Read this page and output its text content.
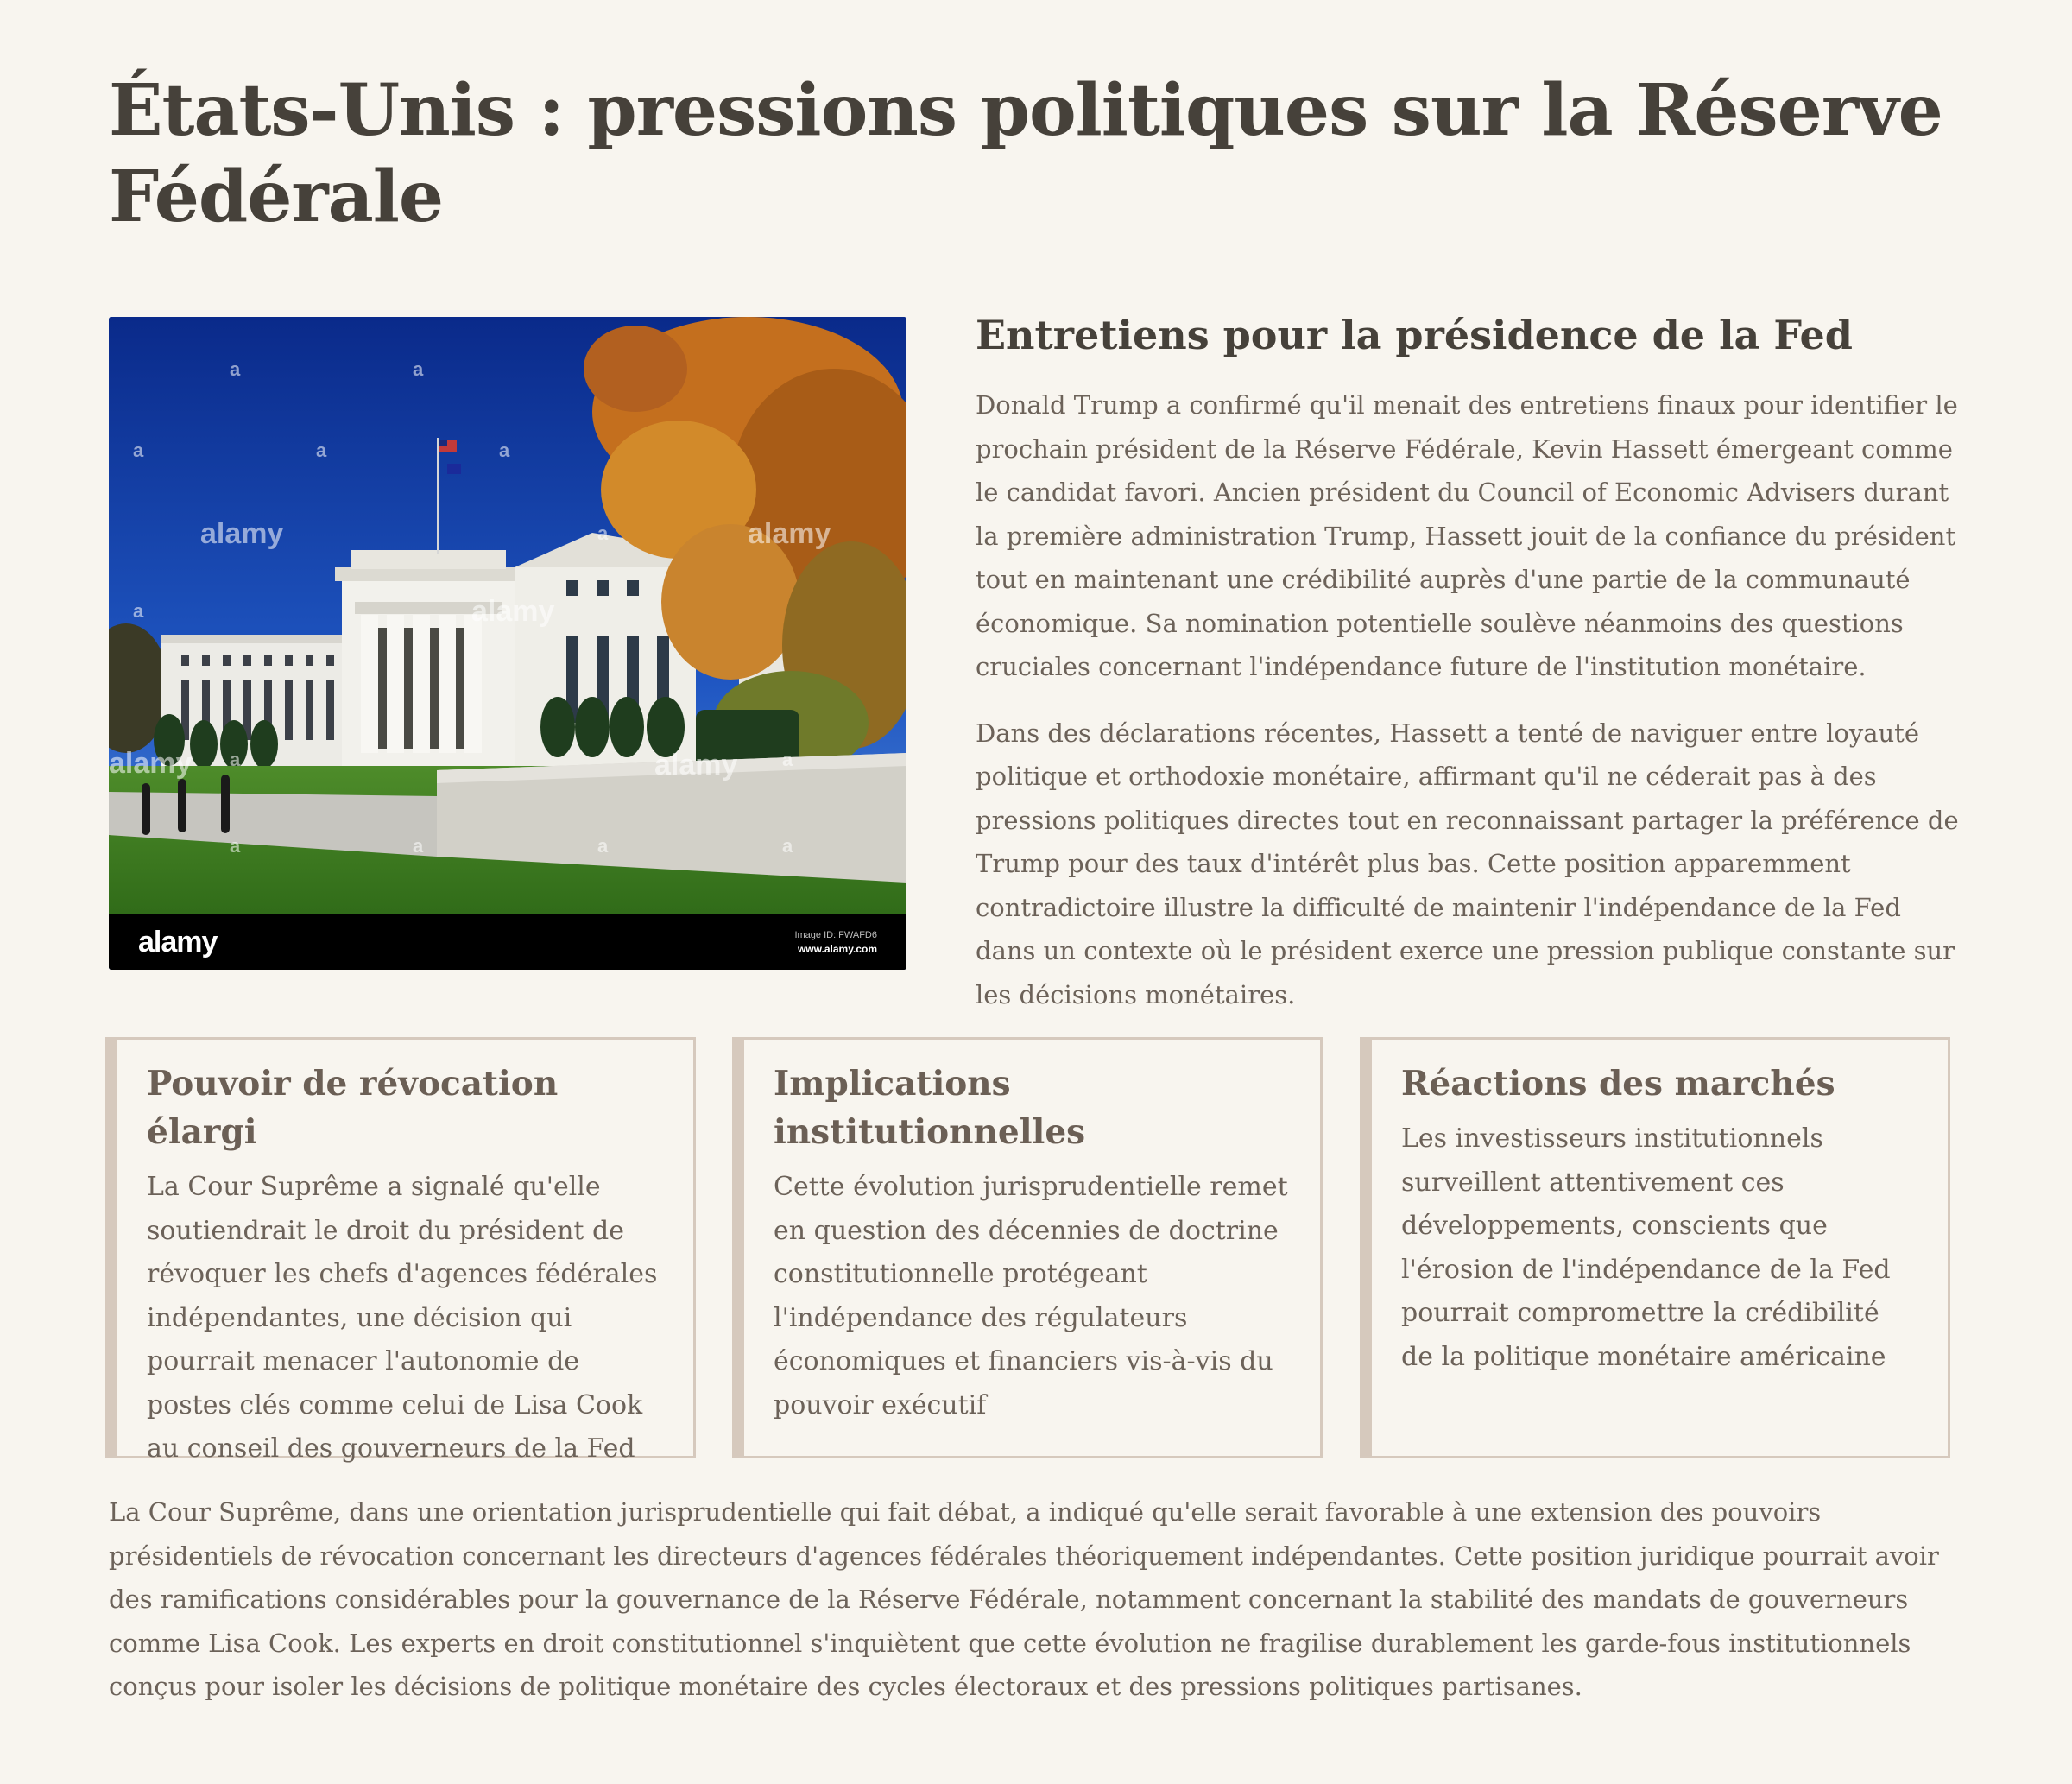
États-Unis : pressions politiques sur la Réserve Fédérale
a	a
a	a	a
a
a
a
a
a	a	a
a
alamy
alamy
alamy
alamy	alamy
alamy	Image ID: FWAFD6
www.alamy.com
Entretiens pour la présidence de la Fed

Donald Trump a confirmé qu'il menait des entretiens finaux pour identifier le prochain président de la Réserve Fédérale, Kevin Hassett émergeant comme le candidat favori. Ancien président du Council of Economic Advisers durant la première administration Trump, Hassett jouit de la confiance du président tout en maintenant une crédibilité auprès d'une partie de la communauté économique. Sa nomination potentielle soulève néanmoins des questions cruciales concernant l'indépendance future de l'institution monétaire.

Dans des déclarations récentes, Hassett a tenté de naviguer entre loyauté politique et orthodoxie monétaire, affirmant qu'il ne céderait pas à des pressions politiques directes tout en reconnaissant partager la préférence de Trump pour des taux d'intérêt plus bas. Cette position apparemment contradictoire illustre la difficulté de maintenir l'indépendance de la Fed dans un contexte où le président exerce une pression publique constante sur les décisions monétaires.

Pouvoir de révocation élargi

La Cour Suprême a signalé qu'elle soutiendrait le droit du président de révoquer les chefs d'agences fédérales indépendantes, une décision qui pourrait menacer l'autonomie de postes clés comme celui de Lisa Cook au conseil des gouverneurs de la Fed

Implications institutionnelles

Cette évolution jurisprudentielle remet en question des décennies de doctrine constitutionnelle protégeant l'indépendance des régulateurs économiques et financiers vis-à-vis du pouvoir exécutif

Réactions des marchés

Les investisseurs institutionnels surveillent attentivement ces développements, conscients que l'érosion de l'indépendance de la Fed pourrait compromettre la crédibilité de la politique monétaire américaine

La Cour Suprême, dans une orientation jurisprudentielle qui fait débat, a indiqué qu'elle serait favorable à une extension des pouvoirs présidentiels de révocation concernant les directeurs d'agences fédérales théoriquement indépendantes. Cette position juridique pourrait avoir des ramifications considérables pour la gouvernance de la Réserve Fédérale, notamment concernant la stabilité des mandats de gouverneurs comme Lisa Cook. Les experts en droit constitutionnel s'inquiètent que cette évolution ne fragilise durablement les garde-fous institutionnels conçus pour isoler les décisions de politique monétaire des cycles électoraux et des pressions politiques partisanes.
